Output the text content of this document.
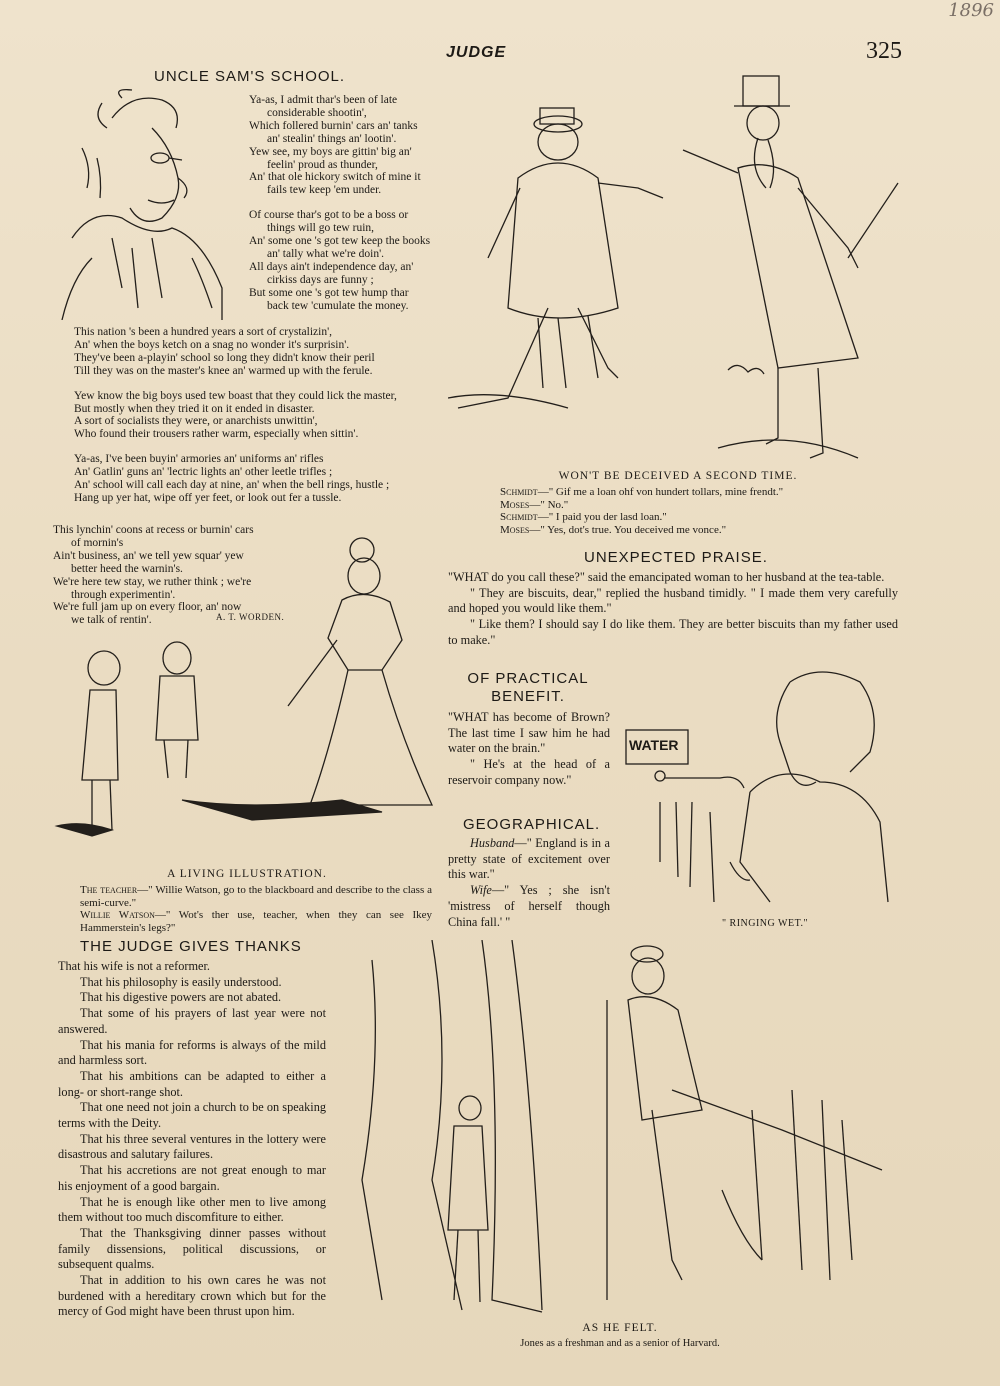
1896
JUDGE	325
UNCLE SAM'S SCHOOL.

Ya-as, I admit thar's been of late

considerable shootin',

Which follered burnin' cars an' tanks

an' stealin' things an' lootin'.

Yew see, my boys are gittin' big an'

feelin' proud as thunder,

An' that ole hickory switch of mine it

fails tew keep 'em under.

Of course thar's got to be a boss or

things will go tew ruin,

An' some one 's got tew keep the books

an' tally what we're doin'.

All days ain't independence day, an'

cirkiss days are funny ;

But some one 's got tew hump thar

back tew 'cumulate the money.

This nation 's been a hundred years a sort of crystalizin',

An' when the boys ketch on a snag no wonder it's surprisin'.

They've been a-playin' school so long they didn't know their peril

Till they was on the master's knee an' warmed up with the ferule.

Yew know the big boys used tew boast that they could lick the master,

But mostly when they tried it on it ended in disaster.

A sort of socialists they were, or anarchists unwittin',

Who found their trousers rather warm, especially when sittin'.

Ya-as, I've been buyin' armories an' uniforms an' rifles

An' Gatlin' guns an' 'lectric lights an' other leetle trifles ;

An' school will call each day at nine, an' when the bell rings, hustle ;

Hang up yer hat, wipe off yer feet, or look out fer a tussle.

This lynchin' coons at recess or burnin' cars

of mornin's

Ain't business, an' we tell yew squar' yew

better heed the warnin's.

We're here tew stay, we ruther think ; we're

through experimentin'.

We're full jam up on every floor, an' now

we talk of rentin'.	A. T. WORDEN.
WON'T BE DECEIVED A SECOND TIME.
Schmidt—" Gif me a loan ohf von hundert tollars, mine frendt."
Moses—" No."
Schmidt—" I paid you der lasd loan."
Moses—" Yes, dot's true. You deceived me vonce."
UNEXPECTED PRAISE.

"WHAT do you call these?" said the emancipated woman to her husband at the tea-table.

" They are biscuits, dear," replied the husband timidly. " I made them very carefully and hoped you would like them."

" Like them? I should say I do like them. They are better biscuits than my father used to make."

OF PRACTICAL
BENEFIT.

"WHAT has become of Brown? The last time I saw him he had water on the brain."

" He's at the head of a reservoir company now."

GEOGRAPHICAL.

Husband—" England is in a pretty state of excitement over this war."

Wife—" Yes ; she isn't 'mistress of herself though China fall.' "

WATER
" RINGING WET."
A LIVING ILLUSTRATION.
The teacher—" Willie Watson, go to the blackboard and describe to the class a semi-curve."
Willie Watson—" Wot's ther use, teacher, when they can see Ikey Hammerstein's legs?"
THE JUDGE GIVES THANKS

That his wife is not a reformer.

That his philosophy is easily understood.

That his digestive powers are not abated.

That some of his prayers of last year were not answered.

That his mania for reforms is always of the mild and harmless sort.

That his ambitions can be adapted to either a long- or short-range shot.

That one need not join a church to be on speaking terms with the Deity.

That his three several ventures in the lottery were disastrous and salutary failures.

That his accretions are not great enough to mar his enjoyment of a good bargain.

That he is enough like other men to live among them without too much discomfiture to either.

That the Thanksgiving dinner passes without family dissensions, political discussions, or subsequent qualms.

That in addition to his own cares he was not burdened with a hereditary crown which but for the mercy of God might have been thrust upon him.

AS HE FELT.
Jones as a freshman and as a senior of Harvard.
